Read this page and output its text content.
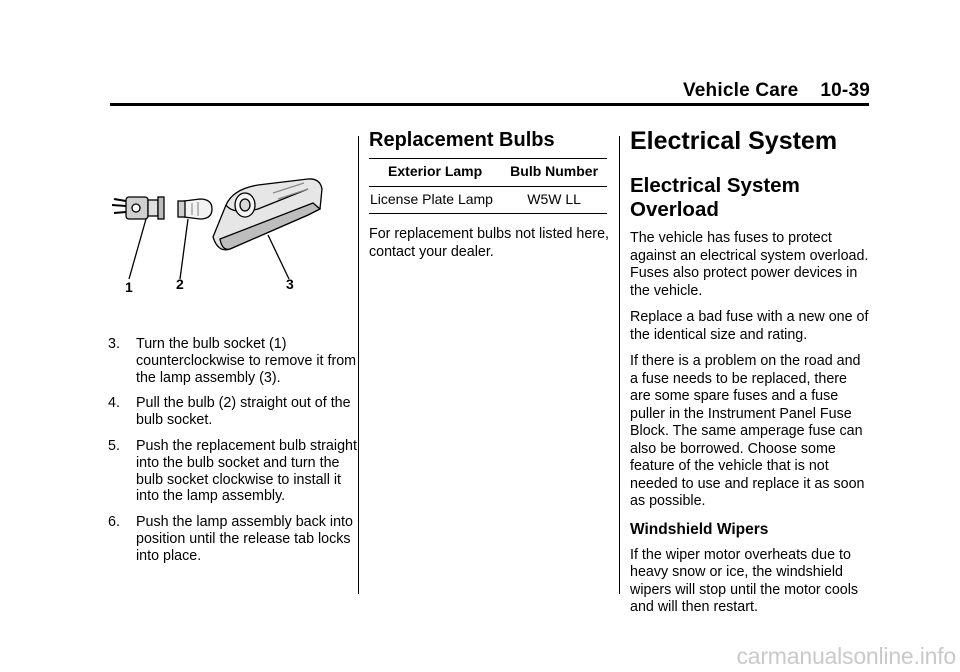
Vehicle Care 10-39
1	2	3
3. Turn the bulb socket (1) counterclockwise to remove it from the lamp assembly (3).
4. Pull the bulb (2) straight out of the bulb socket.
5. Push the replacement bulb straight into the bulb socket and turn the bulb socket clockwise to install it into the lamp assembly.
6. Push the lamp assembly back into position until the release tab locks into place.
Replacement Bulbs
Exterior Lamp	Bulb Number
License Plate Lamp	W5W LL

For replacement bulbs not listed here, contact your dealer.

Electrical System
Electrical System Overload

The vehicle has fuses to protect against an electrical system overload. Fuses also protect power devices in the vehicle.

Replace a bad fuse with a new one of the identical size and rating.

If there is a problem on the road and a fuse needs to be replaced, there are some spare fuses and a fuse puller in the Instrument Panel Fuse Block. The same amperage fuse can also be borrowed. Choose some feature of the vehicle that is not needed to use and replace it as soon as possible.

Windshield Wipers

If the wiper motor overheats due to heavy snow or ice, the windshield wipers will stop until the motor cools and will then restart.

carmanualsonline.info
